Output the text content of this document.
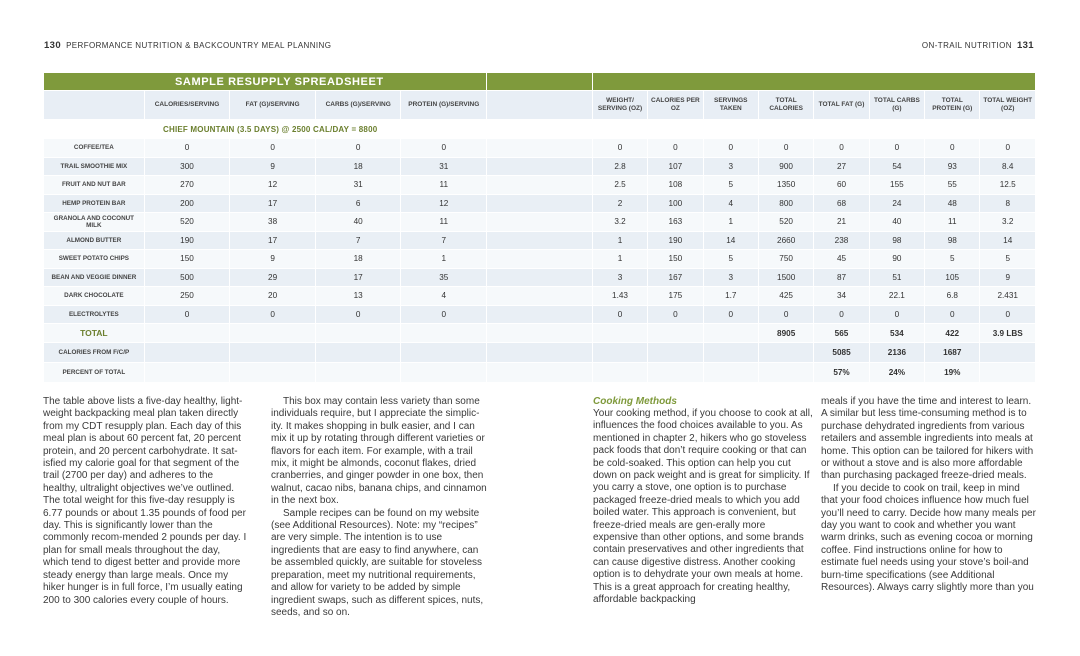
130 PERFORMANCE NUTRITION & BACKCOUNTRY MEAL PLANNING	ON-TRAIL NUTRITION 131
SAMPLE RESUPPLY SPREADSHEET													
	CALORIES/SERVING	FAT (G)/SERVING	CARBS (G)/SERVING	PROTEIN (G)/SERVING		WEIGHT/ SERVING (OZ)	CALORIES PER OZ	SERVINGS TAKEN	TOTAL CALORIES	TOTAL FAT (G)	TOTAL CARBS (G)	TOTAL PROTEIN (G)	TOTAL WEIGHT (OZ)
CHIEF MOUNTAIN (3.5 DAYS) @ 2500 CAL/DAY = 8800													
COFFEE/TEA	0	0	0	0		0	0	0	0	0	0	0	0
TRAIL SMOOTHIE MIX	300	9	18	31		2.8	107	3	900	27	54	93	8.4
FRUIT AND NUT BAR	270	12	31	11		2.5	108	5	1350	60	155	55	12.5
HEMP PROTEIN BAR	200	17	6	12		2	100	4	800	68	24	48	8
GRANOLA AND COCONUT MILK	520	38	40	11		3.2	163	1	520	21	40	11	3.2
ALMOND BUTTER	190	17	7	7		1	190	14	2660	238	98	98	14
SWEET POTATO CHIPS	150	9	18	1		1	150	5	750	45	90	5	5
BEAN AND VEGGIE DINNER	500	29	17	35		3	167	3	1500	87	51	105	9
DARK CHOCOLATE	250	20	13	4		1.43	175	1.7	425	34	22.1	6.8	2.431
ELECTROLYTES	0	0	0	0		0	0	0	0	0	0	0	0
TOTAL									8905	565	534	422	3.9 LBS
CALORIES FROM F/C/P										5085	2136	1687	
PERCENT OF TOTAL										57%	24%	19%	

The table above lists a five-day healthy, light-weight backpacking meal plan taken directly from my CDT resupply plan. Each day of this meal plan is about 60 percent fat, 20 percent protein, and 20 percent carbohydrate. It sat-isfied my calorie goal for that segment of the trail (2700 per day) and adheres to the healthy, ultralight objectives we’ve outlined. The total weight for this five-day resupply is 6.77 pounds or about 1.35 pounds of food per day. This is significantly lower than the commonly recom-mended 2 pounds per day. I plan for small meals throughout the day, which tend to digest better and provide more steady energy than large meals. Once my hiker hunger is in full force, I’m usually eating 200 to 300 calories every couple of hours.

This box may contain less variety than some individuals require, but I appreciate the simplic-ity. It makes shopping in bulk easier, and I can mix it up by rotating through different varieties or flavors for each item. For example, with a trail mix, it might be almonds, coconut flakes, dried cranberries, and ginger powder in one box, then walnut, cacao nibs, banana chips, and cinnamon in the next box.

Sample recipes can be found on my website (see Additional Resources). Note: my “recipes” are very simple. The intention is to use ingredients that are easy to find anywhere, can be assembled quickly, are suitable for stoveless preparation, meet my nutritional requirements, and allow for variety to be added by simple ingredient swaps, such as different spices, nuts, seeds, and so on.

Cooking Methods

Your cooking method, if you choose to cook at all, influences the food choices available to you. As mentioned in chapter 2, hikers who go stoveless pack foods that don’t require cooking or that can be cold-soaked. This option can help you cut down on pack weight and is great for simplicity. If you carry a stove, one option is to purchase packaged freeze-dried meals to which you add boiled water. This approach is convenient, but freeze-dried meals are gen-erally more expensive than other options, and some brands contain preservatives and other ingredients that can cause digestive distress. Another cooking option is to dehydrate your own meals at home. This is a great approach for creating healthy, affordable backpacking

meals if you have the time and interest to learn. A similar but less time-consuming method is to purchase dehydrated ingredients from various retailers and assemble ingredients into meals at home. This option can be tailored for hikers with or without a stove and is also more affordable than purchasing packaged freeze-dried meals.

If you decide to cook on trail, keep in mind that your food choices influence how much fuel you’ll need to carry. Decide how many meals per day you want to cook and whether you want warm drinks, such as evening cocoa or morning coffee. Find instructions online for how to estimate fuel needs using your stove’s boil-and burn-time specifications (see Additional Resources). Always carry slightly more than you
